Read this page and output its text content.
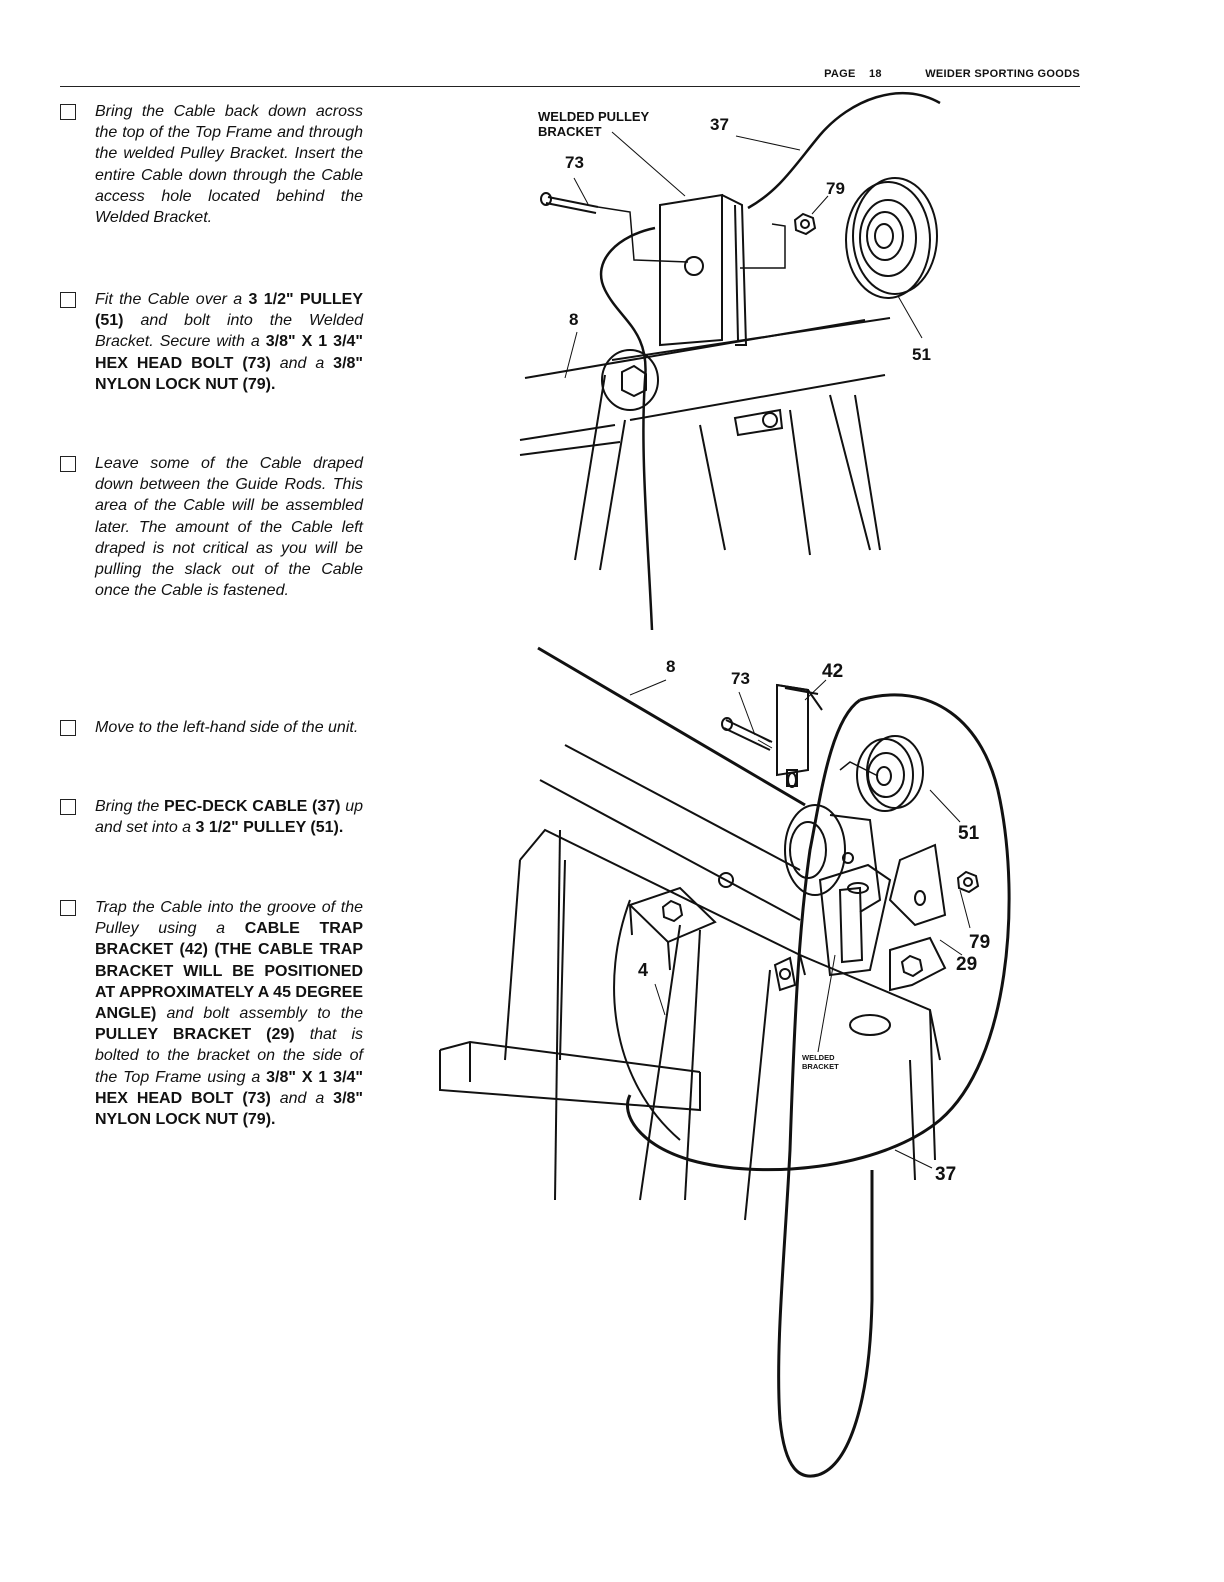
PAGE 18	WEIDER SPORTING GOODS
Bring the Cable back down across the top of the Top Frame and through the welded Pulley Bracket. Insert the entire Cable down through the Cable access hole located behind the Welded Bracket.
Fit the Cable over a 3 1/2" PULLEY (51) and bolt into the Welded Bracket. Secure with a 3/8" X 1 3/4" HEX HEAD BOLT (73) and a 3/8" NYLON LOCK NUT (79).
Leave some of the Cable draped down between the Guide Rods. This area of the Cable will be assembled later. The amount of the Cable left draped is not critical as you will be pulling the slack out of the Cable once the Cable is fastened.
Move to the left-hand side of the unit.
Bring the PEC-DECK CABLE (37) up and set into a 3 1/2" PULLEY (51).
Trap the Cable into the groove of the Pulley using a CABLE TRAP BRACKET (42) (THE CABLE TRAP BRACKET WILL BE POSITIONED AT APPROXIMATELY A 45 DEGREE ANGLE) and bolt assembly to the PULLEY BRACKET (29) that is bolted to the bracket on the side of the Top Frame using a 3/8" X 1 3/4" HEX HEAD BOLT (73) and a 3/8" NYLON LOCK NUT (79).
WELDED PULLEY
BRACKET	37
73
79
8
51
8
73	42
51
79
29
4
37
WELDED
BRACKET
